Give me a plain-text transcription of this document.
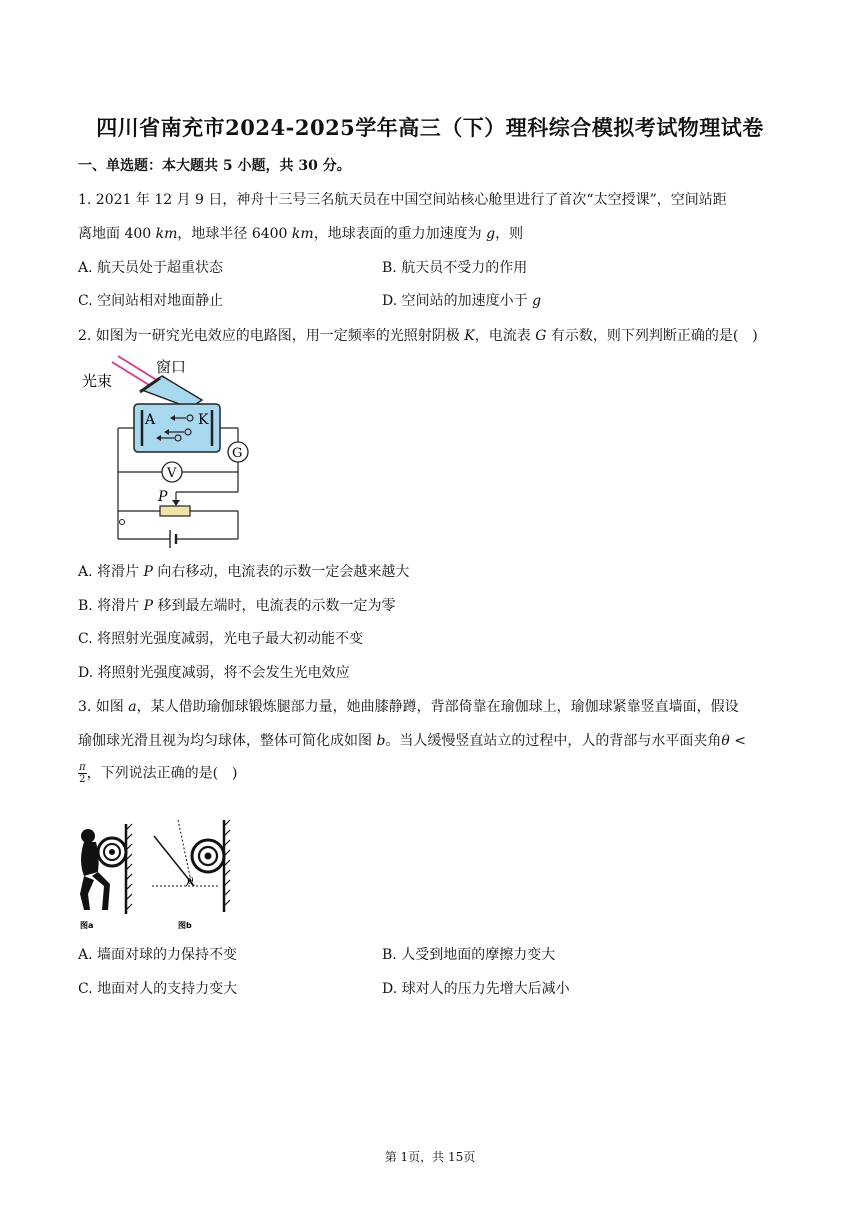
四川省南充市2024-2025学年高三（下）理科综合模拟考试物理试卷
一、单选题：本大题共 5 小题，共 30 分。
1. 2021 年 12 月 9 日，神舟十三号三名航天员在中国空间站核心舱里进行了首次“太空授课”，空间站距
离地面 400 km，地球半径 6400 km，地球表面的重力加速度为 g，则
A. 航天员处于超重状态	B. 航天员不受力的作用
C. 空间站相对地面静止	D. 空间站的加速度小于 g
2. 如图为一研究光电效应的电路图，用一定频率的光照射阴极 K，电流表 G 有示数，则下列判断正确的是(　)
光束
窗口
A	K
G
V
P
A. 将滑片 P 向右移动，电流表的示数一定会越来越大
B. 将滑片 P 移到最左端时，电流表的示数一定为零
C. 将照射光强度减弱，光电子最大初动能不变
D. 将照射光强度减弱，将不会发生光电效应
3. 如图 a，某人借助瑜伽球锻炼腿部力量，她曲膝静蹲，背部倚靠在瑜伽球上，瑜伽球紧靠竖直墙面，假设
瑜伽球光滑且视为均匀球体，整体可简化成如图 b。当人缓慢竖直站立的过程中，人的背部与水平面夹角θ <
$\frac{\pi}{2}$ ，下列说法正确的是(　)
图a
θ
图b
A. 墙面对球的力保持不变	B. 人受到地面的摩擦力变大
C. 地面对人的支持力变大	D. 球对人的压力先增大后减小
第 1页，共 15页
